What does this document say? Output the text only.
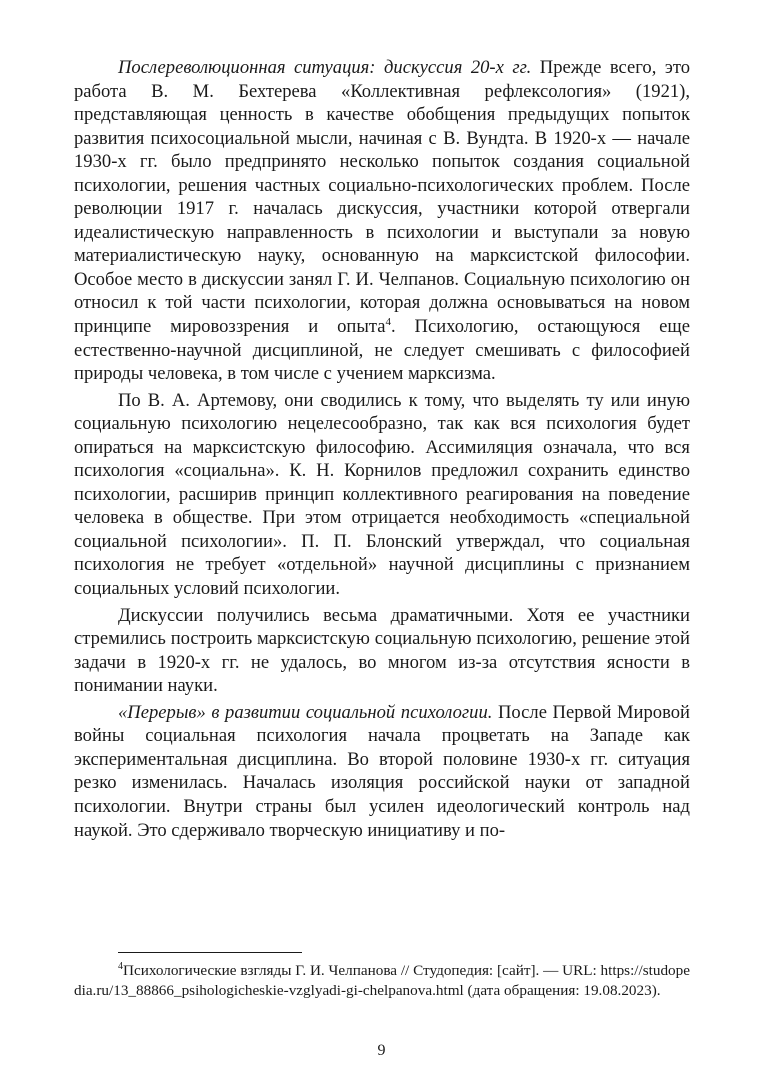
Послереволюционная ситуация: дискуссия 20-х гг. Прежде всего, это работа В. М. Бехтерева «Коллективная рефлексология» (1921), представляющая ценность в качестве обобщения предыдущих попыток развития психосоциальной мысли, начиная с В. Вундта. В 1920-х — начале 1930-х гг. было предпринято несколько попыток создания социальной психологии, решения частных социально-психологических проблем. После революции 1917 г. началась дискуссия, участники которой отвергали идеалистическую направленность в психологии и выступали за новую материалистическую науку, основанную на марксистской философии. Особое место в дискуссии занял Г. И. Челпанов. Социальную психологию он относил к той части психологии, которая должна основываться на новом принципе мировоззрения и опыта$^4$. Психологию, остающуюся еще естественно-научной дисциплиной, не следует смешивать с философией природы человека, в том числе с учением марксизма.

По В. А. Артемову, они сводились к тому, что выделять ту или иную социальную психологию нецелесообразно, так как вся психология будет опираться на марксистскую философию. Ассимиляция означала, что вся психология «социальна». К. Н. Корнилов предложил сохранить единство психологии, расширив принцип коллективного реагирования на поведение человека в обществе. При этом отрицается необходимость «специальной социальной психологии». П. П. Блонский утверждал, что социальная психология не требует «отдельной» научной дисциплины с признанием социальных условий психологии.

Дискуссии получились весьма драматичными. Хотя ее участники стремились построить марксистскую социальную психологию, решение этой задачи в 1920-х гг. не удалось, во многом из-за отсутствия ясности в понимании науки.

«Перерыв» в развитии социальной психологии. После Первой Мировой войны социальная психология начала процветать на Западе как экспериментальная дисциплина. Во второй половине 1930-х гг. ситуация резко изменилась. Началась изоляция российской науки от западной психологии. Внутри страны был усилен идеологический контроль над наукой. Это сдерживало творческую инициативу и по-

$^4$Психологические взгляды Г. И. Челпанова // Студопедия: [сайт]. — URL: https://studopedia.ru/13_88866_psihologicheskie-vzglyadi-gi-chelpanova.html (дата обращения: 19.08.2023).
9
